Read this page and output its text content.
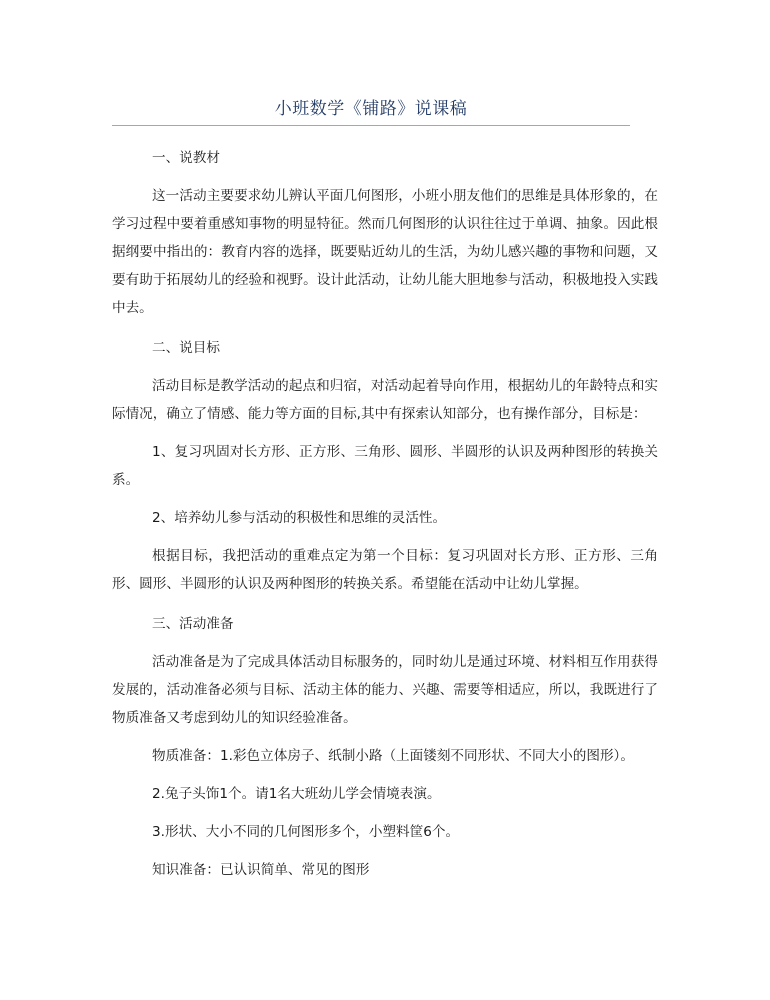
小班数学《铺路》说课稿

一、说教材

这一活动主要要求幼儿辨认平面几何图形，小班小朋友他们的思维是具体形象的，在学习过程中要着重感知事物的明显特征。然而几何图形的认识往往过于单调、抽象。因此根据纲要中指出的：教育内容的选择，既要贴近幼儿的生活，为幼儿感兴趣的事物和问题，又要有助于拓展幼儿的经验和视野。设计此活动，让幼儿能大胆地参与活动，积极地投入实践中去。

二、说目标

活动目标是教学活动的起点和归宿，对活动起着导向作用，根据幼儿的年龄特点和实际情况，确立了情感、能力等方面的目标,其中有探索认知部分，也有操作部分，目标是：

1、复习巩固对长方形、正方形、三角形、圆形、半圆形的认识及两种图形的转换关系。

2、培养幼儿参与活动的积极性和思维的灵活性。

根据目标，我把活动的重难点定为第一个目标：复习巩固对长方形、正方形、三角形、圆形、半圆形的认识及两种图形的转换关系。希望能在活动中让幼儿掌握。

三、活动准备

活动准备是为了完成具体活动目标服务的，同时幼儿是通过环境、材料相互作用获得发展的，活动准备必须与目标、活动主体的能力、兴趣、需要等相适应，所以，我既进行了物质准备又考虑到幼儿的知识经验准备。

物质准备：1.彩色立体房子、纸制小路（上面镂刻不同形状、不同大小的图形）。

2.兔子头饰1个。请1名大班幼儿学会情境表演。

3.形状、大小不同的几何图形多个，小塑料筐6个。

知识准备：已认识简单、常见的图形
